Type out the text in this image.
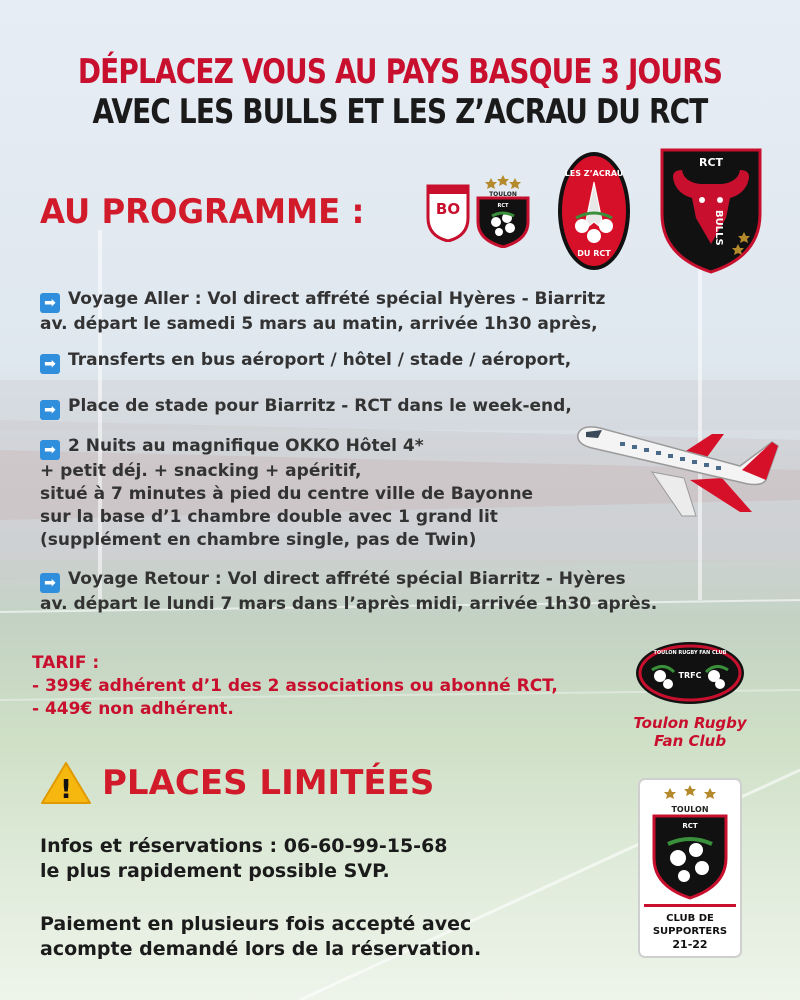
DÉPLACEZ VOUS AU PAYS BASQUE 3 JOURS
AVEC LES BULLS ET LES Z’ACRAU DU RCT
AU PROGRAMME :	BO
TOULON
RCT
LES Z’ACRAU
DU RCT
RCT
BULLS
➡ Voyage Aller : Vol direct affrété spécial Hyères - Biarritz
av. départ le samedi 5 mars au matin, arrivée 1h30 après,
➡ Transferts en bus aéroport / hôtel / stade / aéroport,
➡ Place de stade pour Biarritz - RCT dans le week-end,
➡ 2 Nuits au magnifique OKKO Hôtel 4*
+ petit déj. + snacking + apéritif,
situé à 7 minutes à pied du centre ville de Bayonne
sur la base d’1 chambre double avec 1 grand lit
(supplément en chambre single, pas de Twin)
➡ Voyage Retour : Vol direct affrété spécial Biarritz - Hyères
av. départ le lundi 7 mars dans l’après midi, arrivée 1h30 après.
TARIF :
- 399€ adhérent d’1 des 2 associations ou abonné RCT,
- 449€ non adhérent.
TOULON RUGBY FAN CLUB
TRFC
Toulon Rugby
Fan Club
! PLACES LIMITÉES
Infos et réservations : 06-60-99-15-68
le plus rapidement possible SVP.
Paiement en plusieurs fois accepté avec
acompte demandé lors de la réservation.
TOULON
RCT
CLUB DE
SUPPORTERS
21-22
